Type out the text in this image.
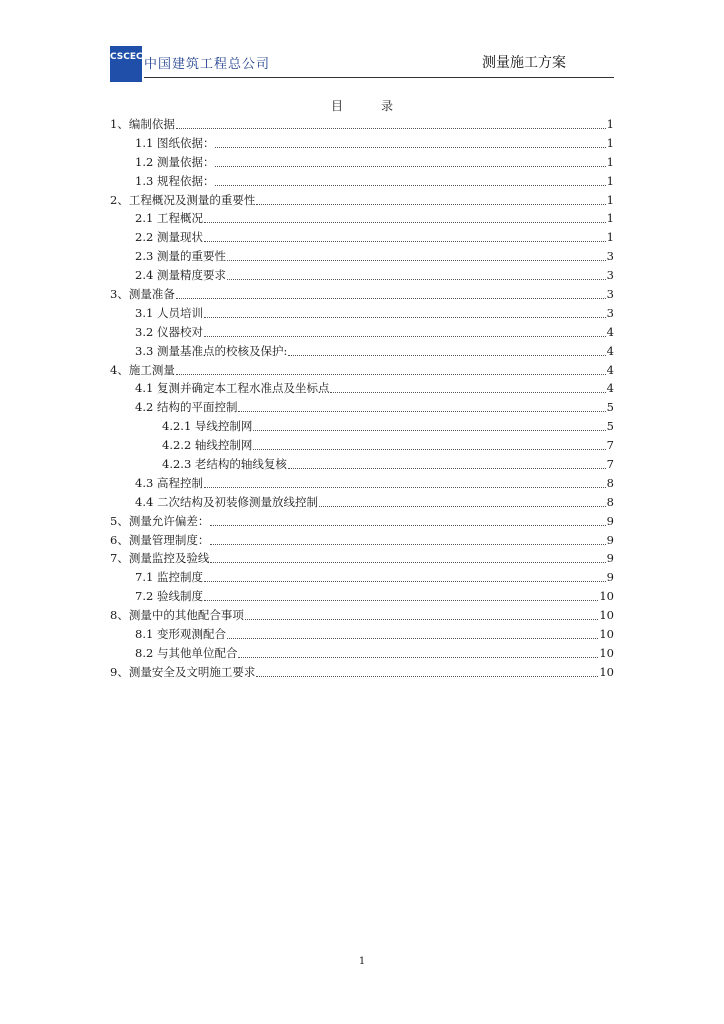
CSCEC 中国建筑工程总公司	测量施工方案
目	录
1、编制依据	1
1.1 图纸依据：	1
1.2 测量依据：	1
1.3 规程依据：	1
2、工程概况及测量的重要性	1
2.1 工程概况	1
2.2 测量现状	1
2.3 测量的重要性	3
2.4 测量精度要求	3
3、测量准备	3
3.1 人员培训	3
3.2 仪器校对	4
3.3 测量基准点的校核及保护:	4
4、施工测量	4
4.1 复测并确定本工程水准点及坐标点	4
4.2 结构的平面控制	5
4.2.1 导线控制网	5
4.2.2 轴线控制网	7
4.2.3 老结构的轴线复核	7
4.3 高程控制	8
4.4 二次结构及初装修测量放线控制	8
5、测量允许偏差：	9
6、测量管理制度：	9
7、测量监控及验线	9
7.1 监控制度	9
7.2 验线制度	10
8、测量中的其他配合事项	10
8.1 变形观测配合	10
8.2 与其他单位配合	10
9、测量安全及文明施工要求	10
1
